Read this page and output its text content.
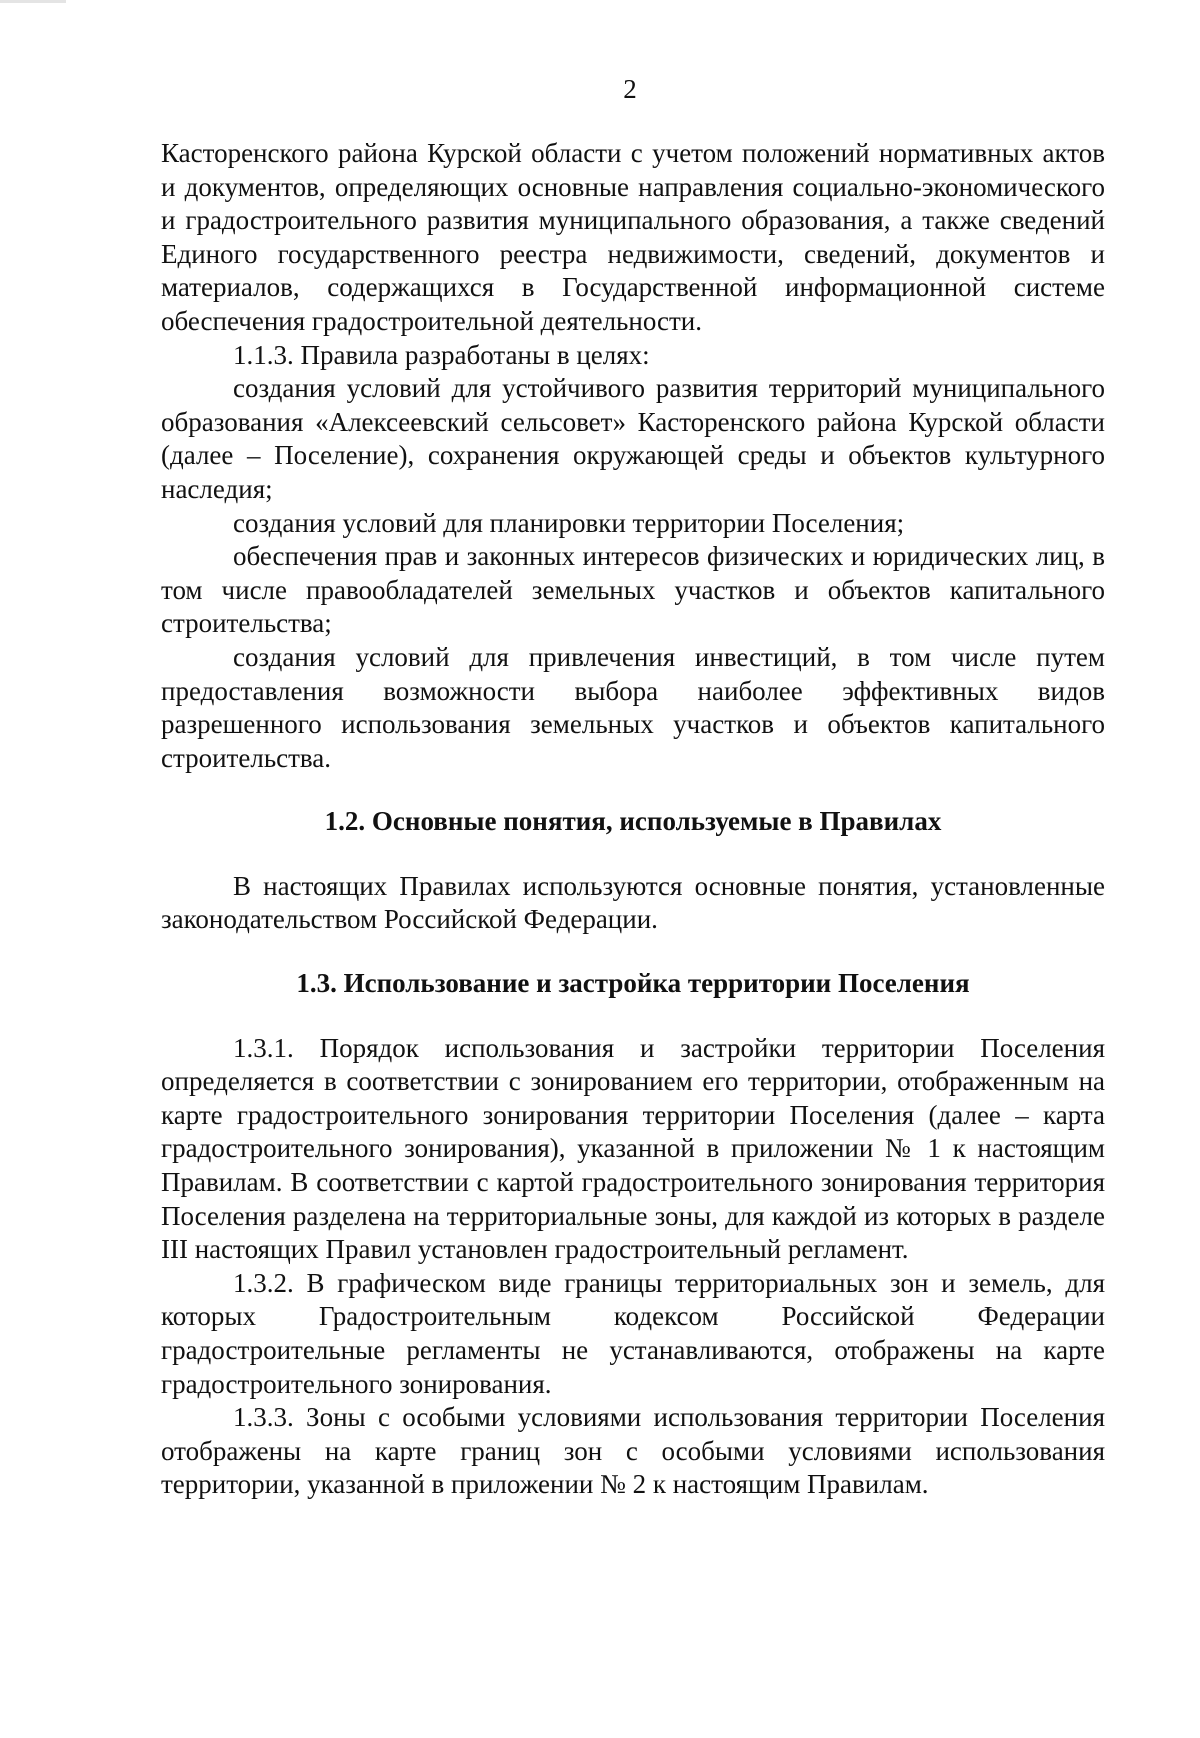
2

Касторенского района Курской области с учетом положений нормативных актов и документов, определяющих основные направления социально-экономического и градостроительного развития муниципального образования, а также сведений Единого государственного реестра недвижимости, сведений, документов и материалов, содержащихся в Государственной информационной системе обеспечения градостроительной деятельности.

1.1.3. Правила разработаны в целях:

создания условий для устойчивого развития территорий муниципального образования «Алексеевский сельсовет» Касторенского района Курской области (далее – Поселение), сохранения окружающей среды и объектов культурного наследия;

создания условий для планировки территории Поселения;

обеспечения прав и законных интересов физических и юридических лиц, в том числе правообладателей земельных участков и объектов капитального строительства;

создания условий для привлечения инвестиций, в том числе путем предоставления возможности выбора наиболее эффективных видов разрешенного использования земельных участков и объектов капитального строительства.

1.2. Основные понятия, используемые в Правилах

В настоящих Правилах используются основные понятия, установленные законодательством Российской Федерации.

1.3. Использование и застройка территории Поселения

1.3.1. Порядок использования и застройки территории Поселения определяется в соответствии с зонированием его территории, отображенным на карте градостроительного зонирования территории Поселения (далее – карта градостроительного зонирования), указанной в приложении № 1 к настоящим Правилам. В соответствии с картой градостроительного зонирования территория Поселения разделена на территориальные зоны, для каждой из которых в разделе III настоящих Правил установлен градостроительный регламент.

1.3.2. В графическом виде границы территориальных зон и земель, для которых Градостроительным кодексом Российской Федерации градостроительные регламенты не устанавливаются, отображены на карте градостроительного зонирования.

1.3.3. Зоны с особыми условиями использования территории Поселения отображены на карте границ зон с особыми условиями использования территории, указанной в приложении № 2 к настоящим Правилам.
